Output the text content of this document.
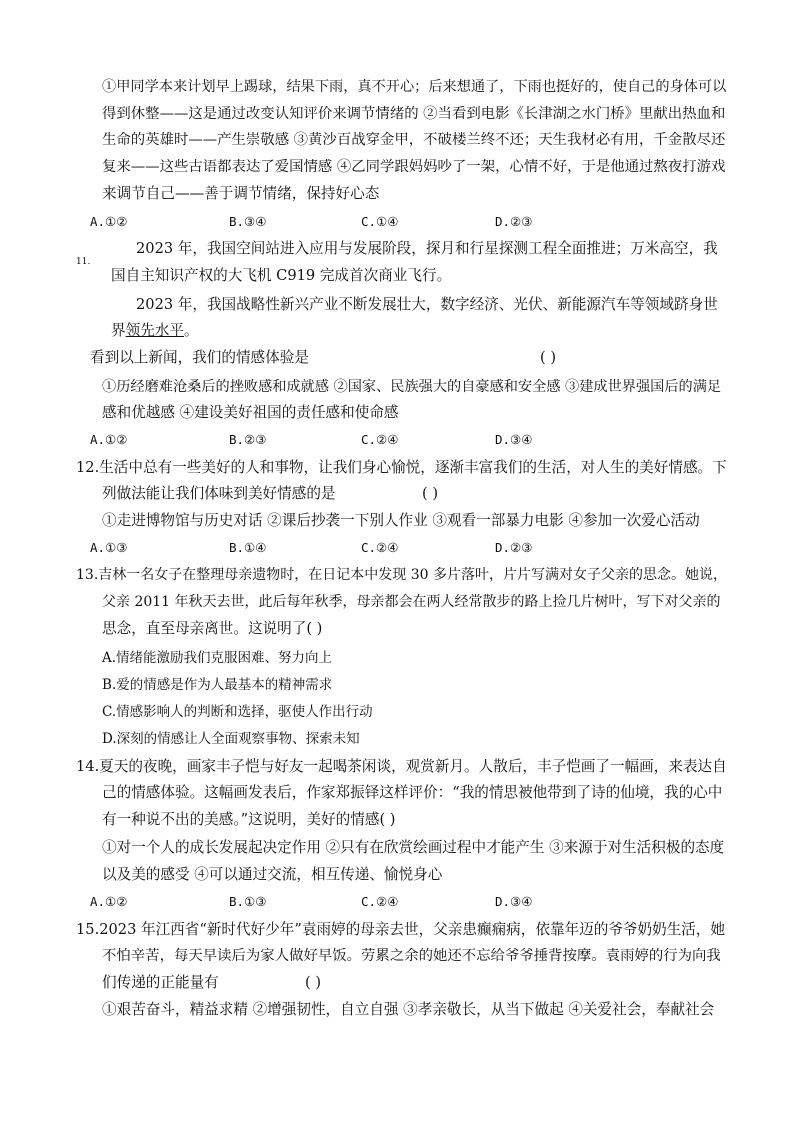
①甲同学本来计划早上踢球，结果下雨，真不开心；后来想通了，下雨也挺好的，使自己的身体可以
得到休整——这是通过改变认知评价来调节情绪的 ②当看到电影《长津湖之水门桥》里献出热血和
生命的英雄时——产生崇敬感 ③黄沙百战穿金甲，不破楼兰终不还；天生我材必有用，千金散尽还
复来——这些古语都表达了爱国情感 ④乙同学跟妈妈吵了一架，心情不好，于是他通过熬夜打游戏
来调节自己——善于调节情绪，保持好心态
A.①②	B.③④	C.①④	D.②③
11.
2023 年，我国空间站进入应用与发展阶段，探月和行星探测工程全面推进；万米高空，我
国自主知识产权的大飞机 C919 完成首次商业飞行。
2023 年，我国战略性新兴产业不断发展壮大，数字经济、光伏、新能源汽车等领域跻身世
界领先水平。
看到以上新闻，我们的情感体验是	( )
①历经磨难沧桑后的挫败感和成就感 ②国家、民族强大的自豪感和安全感 ③建成世界强国后的满足
感和优越感 ④建设美好祖国的责任感和使命感
A.①②	B.②③	C.②④	D.③④
12.生活中总有一些美好的人和事物，让我们身心愉悦，逐渐丰富我们的生活，对人生的美好情感。下
列做法能让我们体味到美好情感的是	( )
①走进博物馆与历史对话 ②课后抄袭一下别人作业 ③观看一部暴力电影 ④参加一次爱心活动
A.①③	B.①④	C.②④	D.②③
13.吉林一名女子在整理母亲遗物时，在日记本中发现 30 多片落叶，片片写满对女子父亲的思念。她说，
父亲 2011 年秋天去世，此后每年秋季，母亲都会在两人经常散步的路上捡几片树叶，写下对父亲的
思念，直至母亲离世。这说明了( )
A.情绪能激励我们克服困难、努力向上
B.爱的情感是作为人最基本的精神需求
C.情感影响人的判断和选择，驱使人作出行动
D.深刻的情感让人全面观察事物、探索未知
14.夏天的夜晚，画家丰子恺与好友一起喝茶闲谈，观赏新月。人散后，丰子恺画了一幅画，来表达自
己的情感体验。这幅画发表后，作家郑振铎这样评价：“我的情思被他带到了诗的仙境，我的心中
有一种说不出的美感。”这说明，美好的情感( )
①对一个人的成长发展起决定作用 ②只有在欣赏绘画过程中才能产生 ③来源于对生活积极的态度
以及美的感受 ④可以通过交流，相互传递、愉悦身心
A.①②	B.①③	C.②④	D.③④
15.2023 年江西省“新时代好少年”袁雨婷的母亲去世，父亲患癫痫病，依靠年迈的爷爷奶奶生活，她
不怕辛苦，每天早读后为家人做好早饭。劳累之余的她还不忘给爷爷捶背按摩。袁雨婷的行为向我
们传递的正能量有	( )
①艰苦奋斗，精益求精 ②增强韧性，自立自强 ③孝亲敬长，从当下做起 ④关爱社会，奉献社会
